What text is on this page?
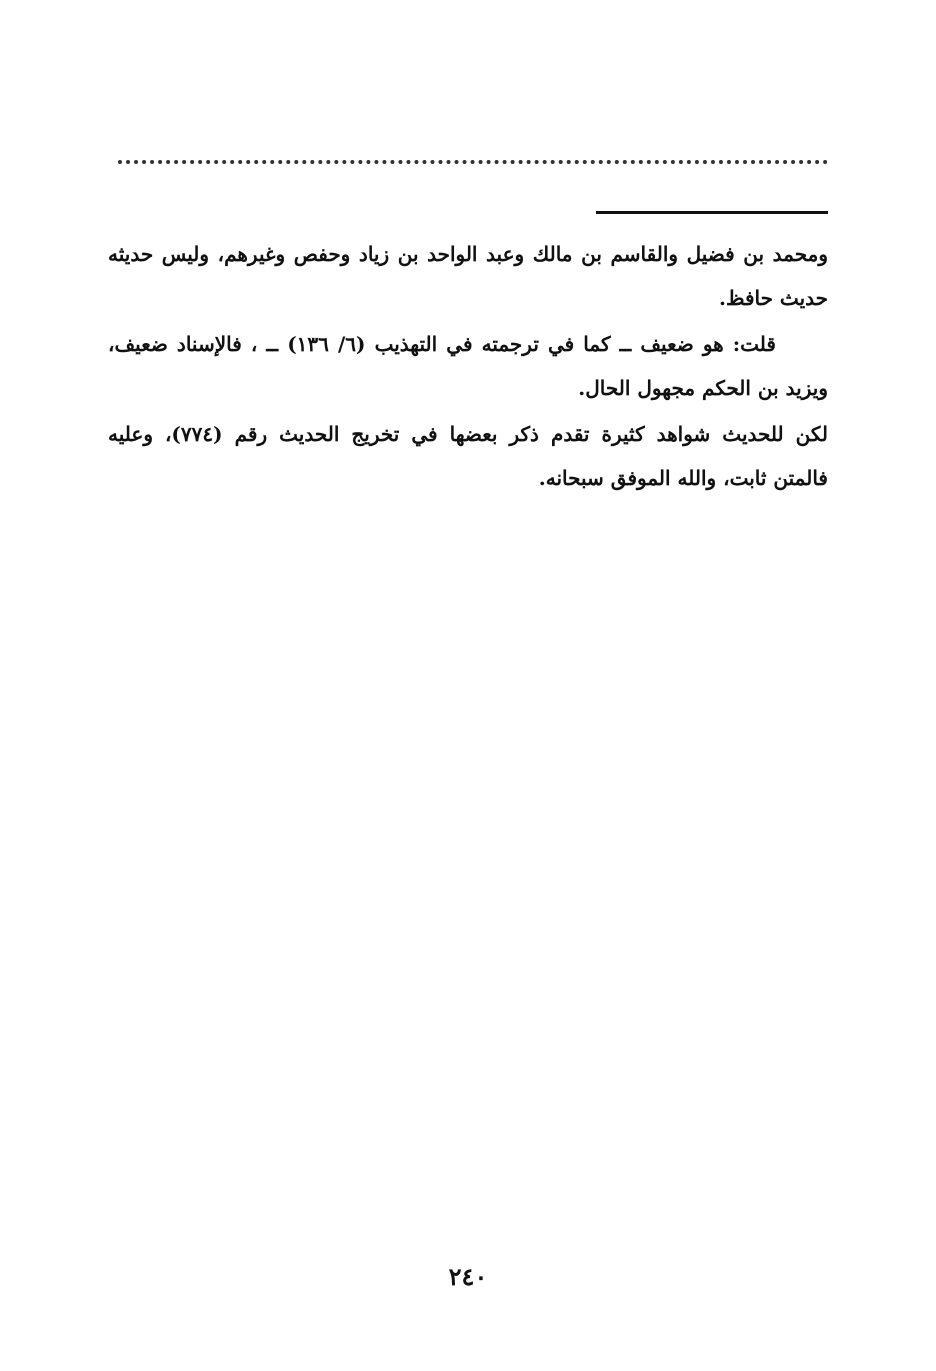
ومحمد بن فضيل والقاسم بن مالك وعبد الواحد بن زياد وحفص وغيرهم، وليس حديثه حديث حافظ.

قلت: هو ضعيف ــ كما في ترجمته في التهذيب (٦/ ١٣٦) ــ ، فالإسناد ضعيف، ويزيد بن الحكم مجهول الحال.

لكن للحديث شواهد كثيرة تقدم ذكر بعضها في تخريج الحديث رقم (٧٧٤)، وعليه فالمتن ثابت، والله الموفق سبحانه.

٢٤٠
